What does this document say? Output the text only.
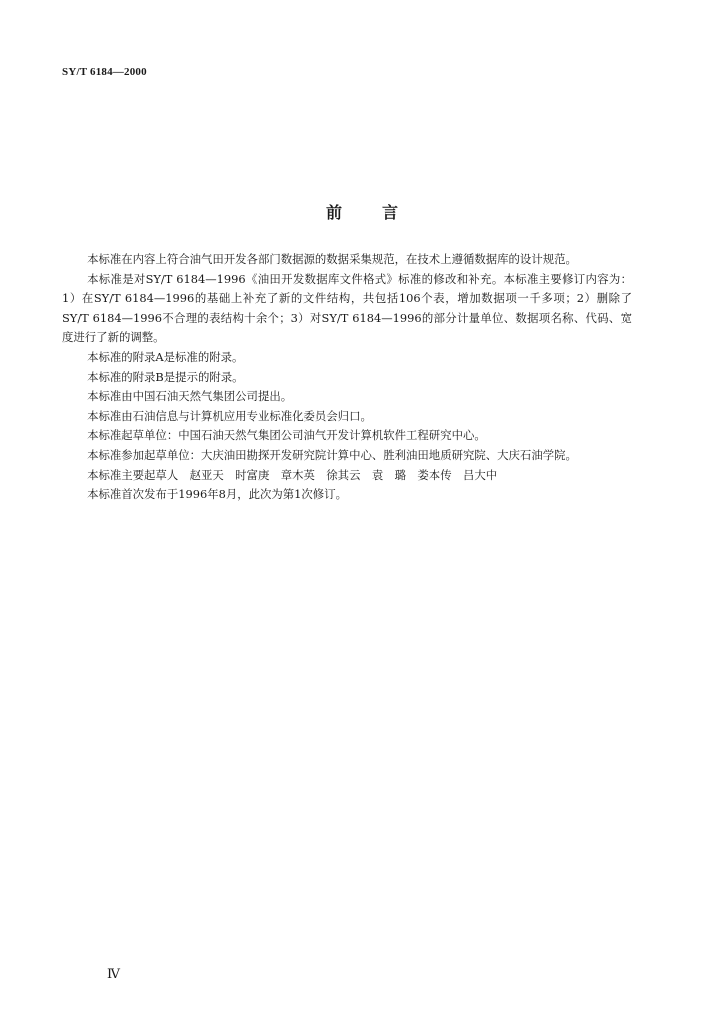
SY/T 6184—2000
前	言

本标准在内容上符合油气田开发各部门数据源的数据采集规范，在技术上遵循数据库的设计规范。

本标准是对SY/T 6184—1996《油田开发数据库文件格式》标准的修改和补充。本标准主要修订内容为：1）在SY/T 6184—1996的基础上补充了新的文件结构，共包括106个表，增加数据项一千多项；2）删除了SY/T 6184—1996不合理的表结构十余个；3）对SY/T 6184—1996的部分计量单位、数据项名称、代码、宽度进行了新的调整。

本标准的附录A是标准的附录。

本标准的附录B是提示的附录。

本标准由中国石油天然气集团公司提出。

本标准由石油信息与计算机应用专业标准化委员会归口。

本标准起草单位：中国石油天然气集团公司油气开发计算机软件工程研究中心。

本标准参加起草单位：大庆油田勘探开发研究院计算中心、胜利油田地质研究院、大庆石油学院。

本标准主要起草人　赵亚天　时富庚　章木英　徐其云　袁　璐　娄本传　吕大中

本标准首次发布于1996年8月，此次为第1次修订。

Ⅳ
